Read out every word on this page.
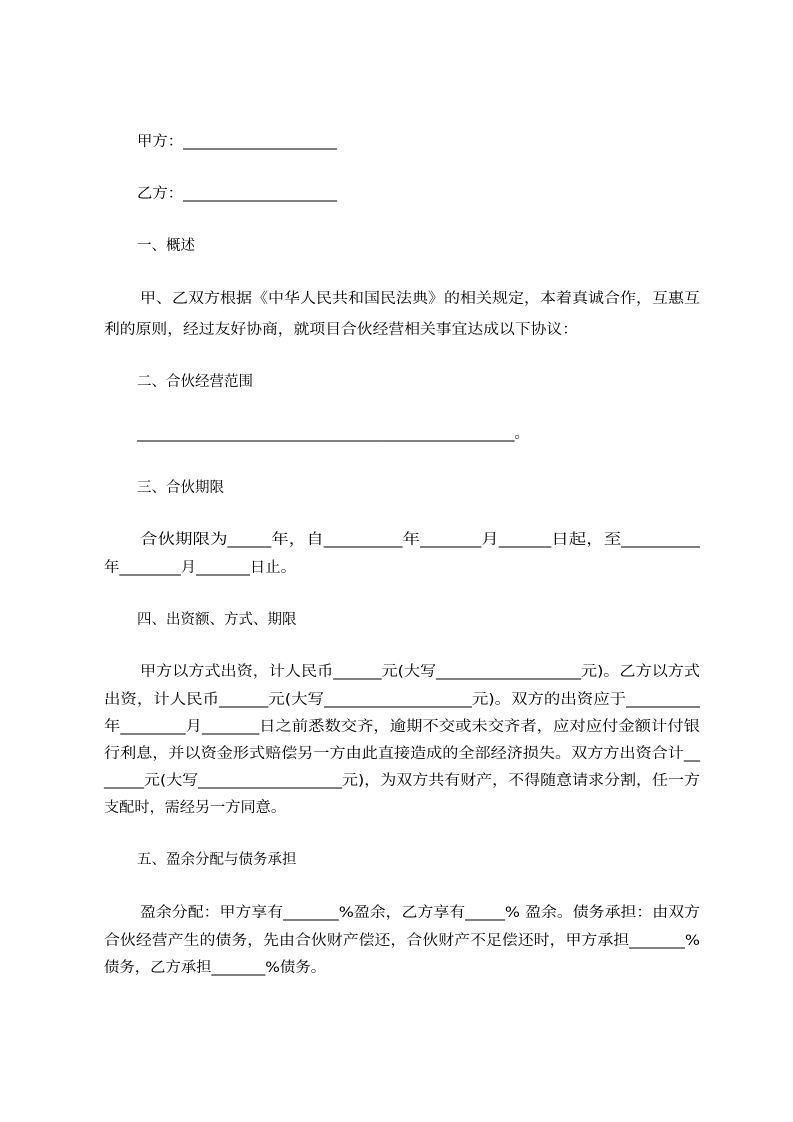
甲方：____________________
乙方：____________________
一、概述
甲、乙双方根据《中华人民共和国民法典》的相关规定，本着真诚合作，互惠互
利的原则，经过友好协商，就项目合伙经营相关事宜达成以下协议：
二、合伙经营范围
____________________________________________________。
三、合伙期限
合伙期限为_____年，自_________年_______月______日起，至_________
年________月_______日止。
四、出资额、方式、期限
甲方以方式出资，计人民币______元(大写__________________元)。乙方以方式
出资，计人民币______元(大写__________________元)。双方的出资应于_________
年________月_______日之前悉数交齐，逾期不交或未交齐者，应对应付金额计付银
行利息，并以资金形式赔偿另一方由此直接造成的全部经济损失。双方方出资合计__
_____元(大写__________________元)，为双方共有财产，不得随意请求分割，任一方
支配时，需经另一方同意。
五、盈余分配与债务承担
盈余分配：甲方享有_______%盈余，乙方享有_____% 盈余。债务承担：由双方
合伙经营产生的债务，先由合伙财产偿还，合伙财产不足偿还时，甲方承担_______%
债务，乙方承担_______%债务。
